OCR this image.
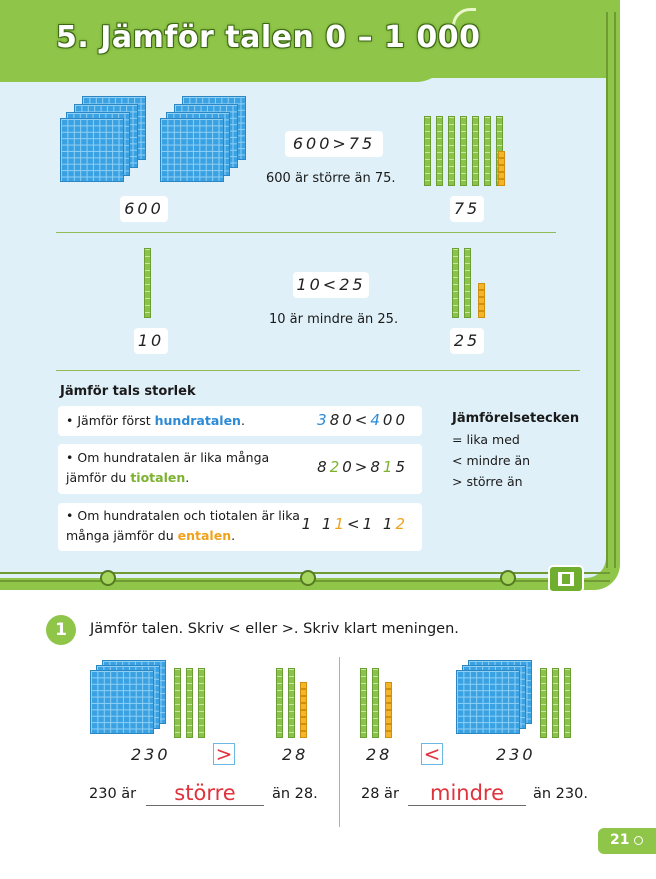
5. Jämför talen 0 – 1 000
600>75
600 är större än 75.
600	75
10<25
10 är mindre än 25.
10	25
Jämför tals storlek
• Jämför först hundratalen.	380<400
• Om hundratalen är lika många jämför du tiotalen.
820>815
• Om hundratalen och tiotalen är lika många jämför du entalen.
1 11<1 12
Jämförelsetecken
= lika med
< mindre än
> större än
1	Jämför talen. Skriv < eller >. Skriv klart meningen.
230 >	28
230 är	större	än 28.
28 <	230
28 är	mindre	än 230.
21
